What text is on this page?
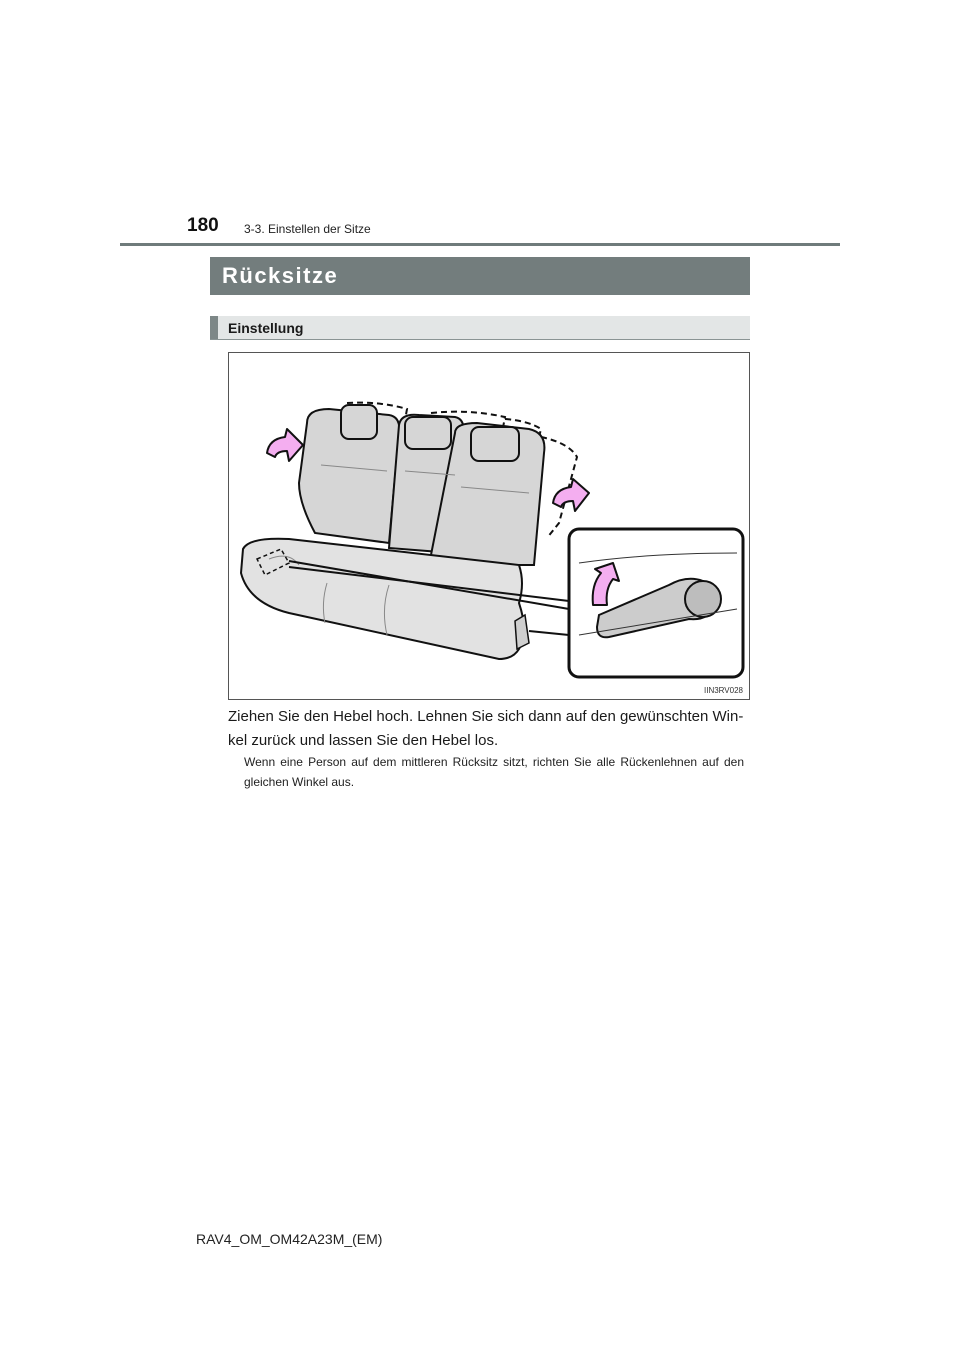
180 3-3. Einstellen der Sitze
Rücksitze
Einstellung
IIN3RV028

Ziehen Sie den Hebel hoch. Lehnen Sie sich dann auf den gewünschten Win-kel zurück und lassen Sie den Hebel los.

Wenn eine Person auf dem mittleren Rücksitz sitzt, richten Sie alle Rückenlehnen auf den gleichen Winkel aus.

RAV4_OM_OM42A23M_(EM)
